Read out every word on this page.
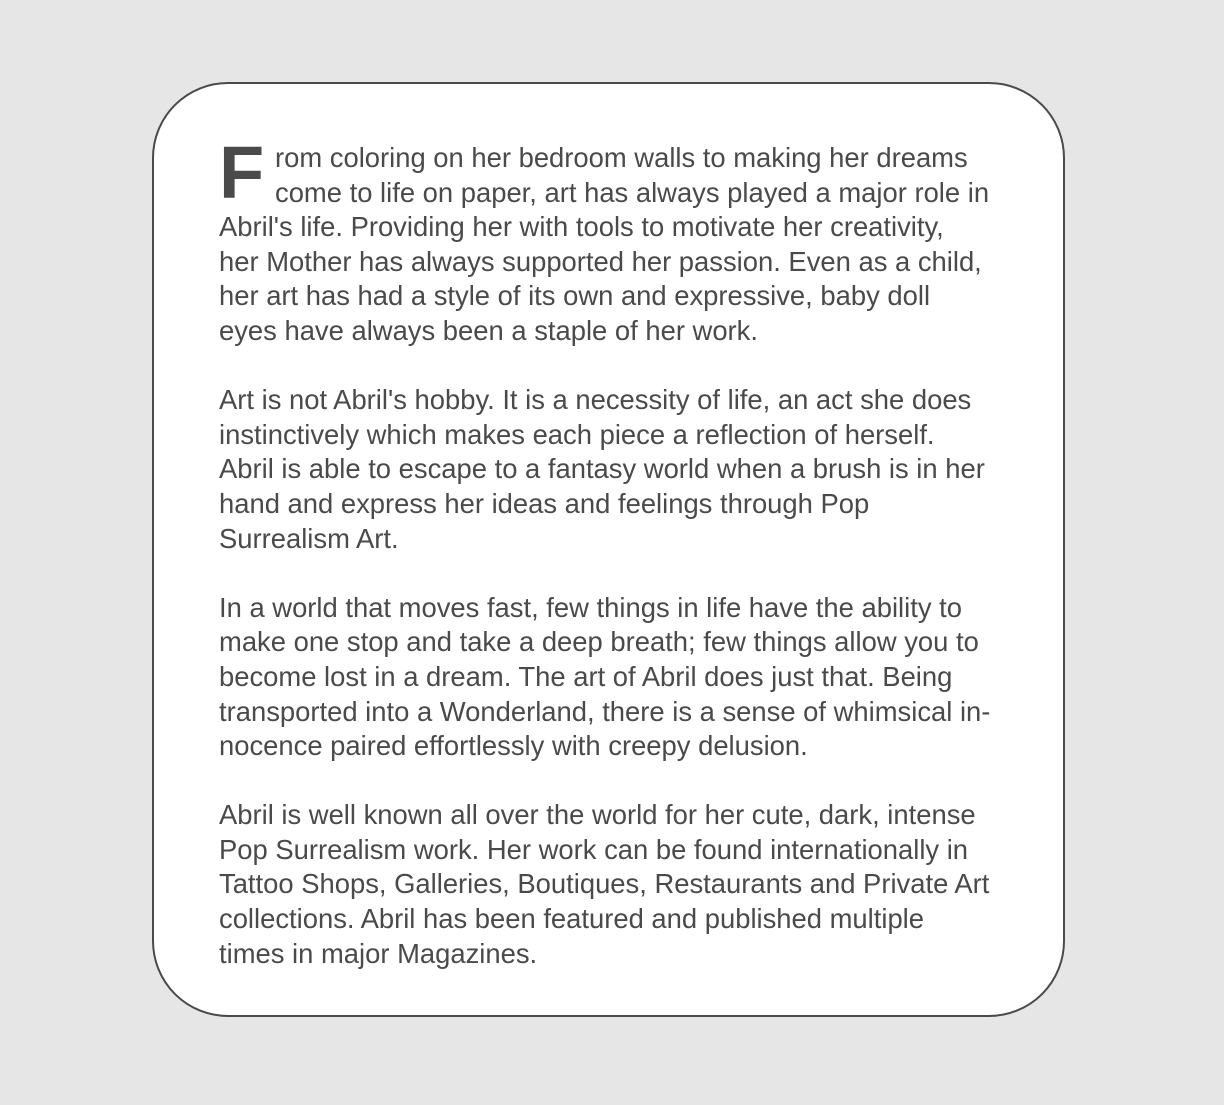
F rom coloring on her bedroom walls to making her dreams
come to life on paper, art has always played a major role in
Abril's life. Providing her with tools to motivate her creativity,
her Mother has always supported her passion. Even as a child,
her art has had a style of its own and expressive, baby doll
eyes have always been a staple of her work.

Art is not Abril's hobby. It is a necessity of life, an act she does
instinctively which makes each piece a reflection of herself.
Abril is able to escape to a fantasy world when a brush is in her
hand and express her ideas and feelings through Pop
Surrealism Art.

In a world that moves fast, few things in life have the ability to
make one stop and take a deep breath; few things allow you to
become lost in a dream. The art of Abril does just that. Being
transported into a Wonderland, there is a sense of whimsical in-
nocence paired effortlessly with creepy delusion.

Abril is well known all over the world for her cute, dark, intense
Pop Surrealism work. Her work can be found internationally in
Tattoo Shops, Galleries, Boutiques, Restaurants and Private Art
collections. Abril has been featured and published multiple
times in major Magazines.
